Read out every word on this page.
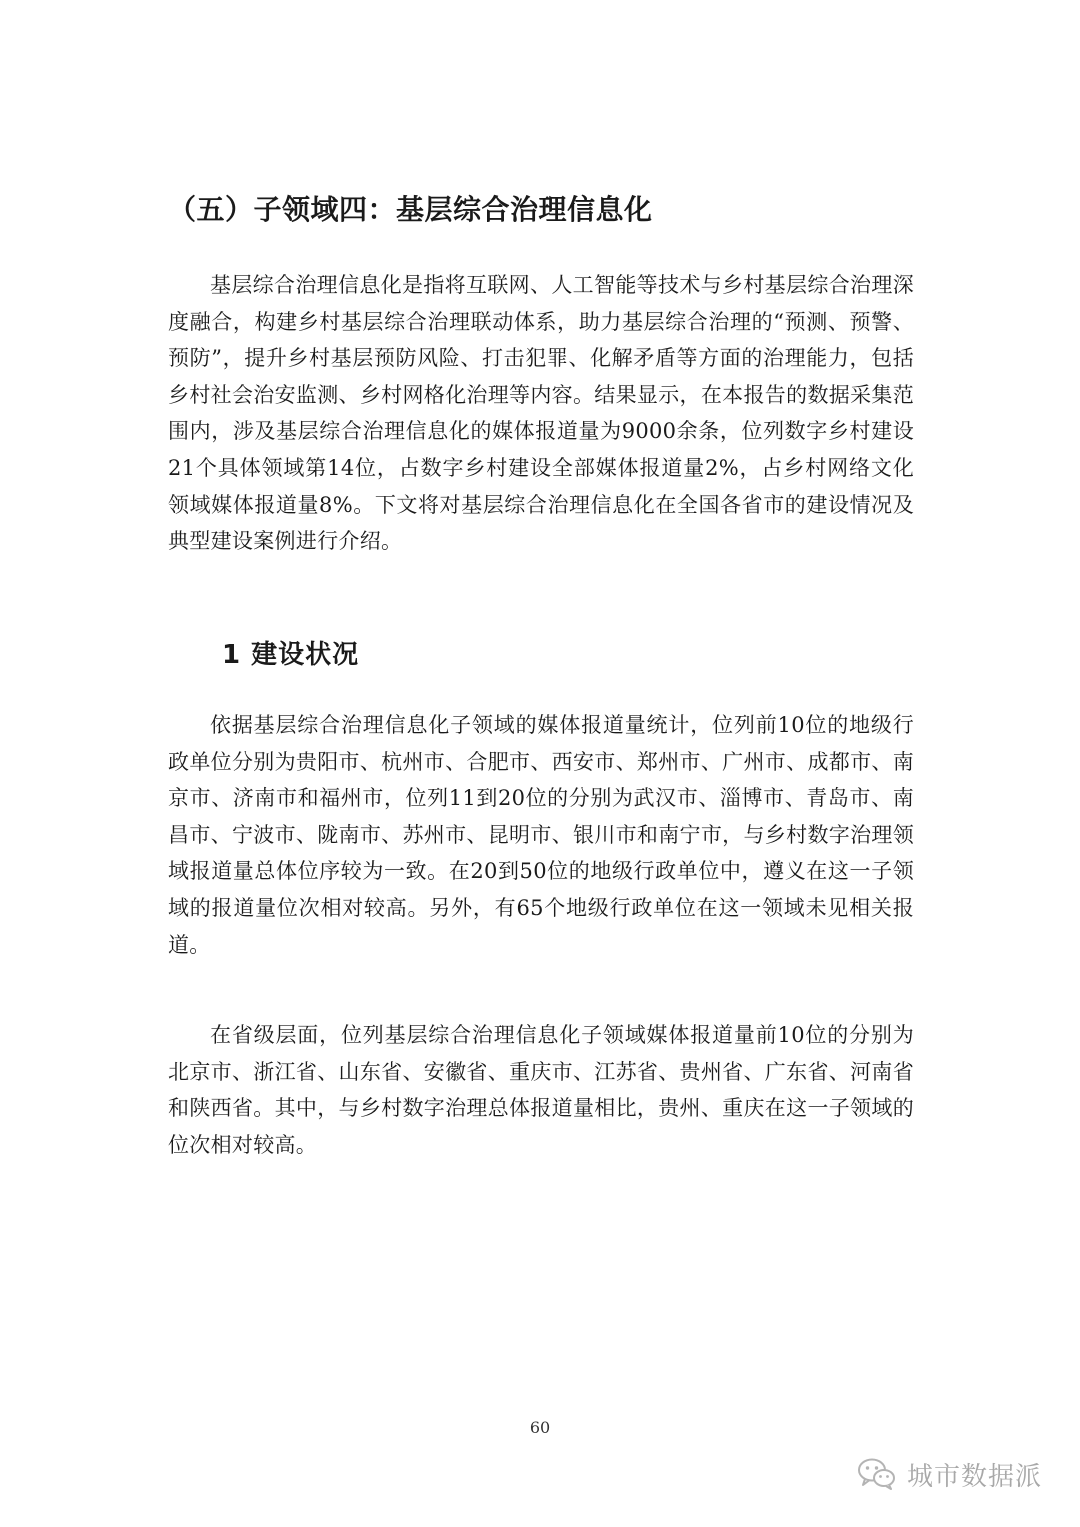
（五）子领域四：基层综合治理信息化

基层综合治理信息化是指将互联网、人工智能等技术与乡村基层综合治理深度融合，构建乡村基层综合治理联动体系，助力基层综合治理的“预测、预警、预防”，提升乡村基层预防风险、打击犯罪、化解矛盾等方面的治理能力，包括乡村社会治安监测、乡村网格化治理等内容。结果显示，在本报告的数据采集范围内，涉及基层综合治理信息化的媒体报道量为9000余条，位列数字乡村建设21个具体领域第14位，占数字乡村建设全部媒体报道量2%，占乡村网络文化领域媒体报道量8%。下文将对基层综合治理信息化在全国各省市的建设情况及典型建设案例进行介绍。

1 建设状况

依据基层综合治理信息化子领域的媒体报道量统计，位列前10位的地级行政单位分别为贵阳市、杭州市、合肥市、西安市、郑州市、广州市、成都市、南京市、济南市和福州市，位列11到20位的分别为武汉市、淄博市、青岛市、南昌市、宁波市、陇南市、苏州市、昆明市、银川市和南宁市，与乡村数字治理领域报道量总体位序较为一致。在20到50位的地级行政单位中，遵义在这一子领域的报道量位次相对较高。另外，有65个地级行政单位在这一领域未见相关报道。

在省级层面，位列基层综合治理信息化子领域媒体报道量前10位的分别为北京市、浙江省、山东省、安徽省、重庆市、江苏省、贵州省、广东省、河南省和陕西省。其中，与乡村数字治理总体报道量相比，贵州、重庆在这一子领域的位次相对较高。

60
城市数据派
